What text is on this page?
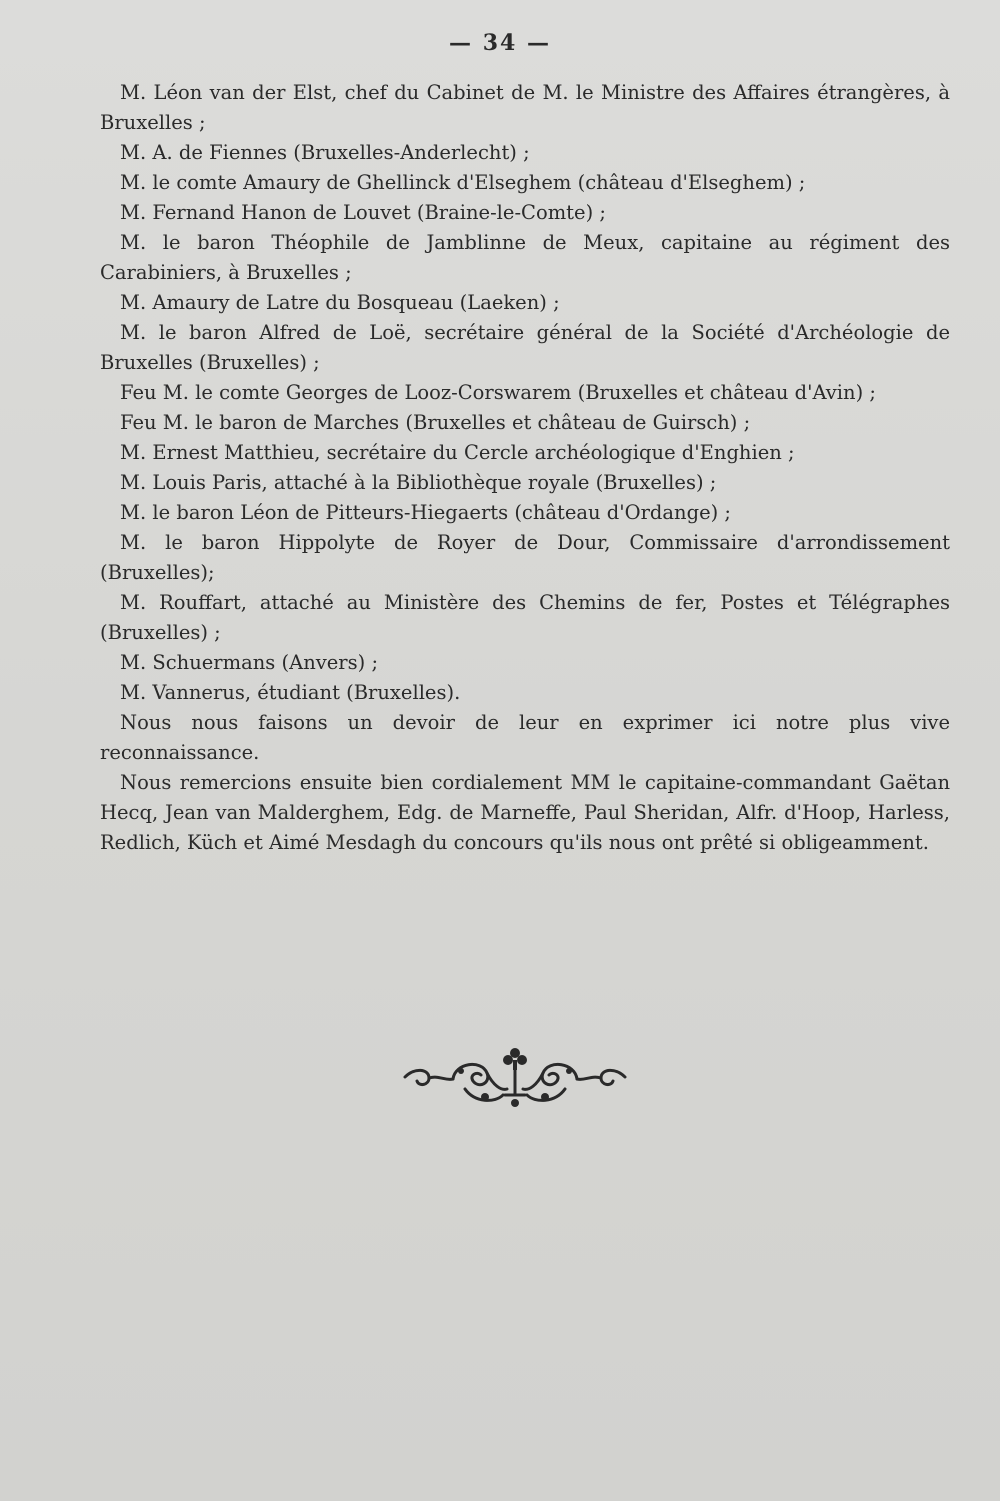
— 34 —

M. Léon van der Elst, chef du Cabinet de M. le Ministre des Affaires étrangères, à Bruxelles ;

M. A. de Fiennes (Bruxelles-Anderlecht) ;

M. le comte Amaury de Ghellinck d'Elseghem (château d'Elseghem) ;

M. Fernand Hanon de Louvet (Braine-le-Comte) ;

M. le baron Théophile de Jamblinne de Meux, capitaine au régiment des Carabiniers, à Bruxelles ;

M. Amaury de Latre du Bosqueau (Laeken) ;

M. le baron Alfred de Loë, secrétaire général de la Société d'Archéologie de Bruxelles (Bruxelles) ;

Feu M. le comte Georges de Looz-Corswarem (Bruxelles et château d'Avin) ;

Feu M. le baron de Marches (Bruxelles et château de Guirsch) ;

M. Ernest Matthieu, secrétaire du Cercle archéologique d'Enghien ;

M. Louis Paris, attaché à la Bibliothèque royale (Bruxelles) ;

M. le baron Léon de Pitteurs-Hiegaerts (château d'Ordange) ;

M. le baron Hippolyte de Royer de Dour, Commissaire d'arrondissement (Bruxelles);

M. Rouffart, attaché au Ministère des Chemins de fer, Postes et Télégraphes (Bruxelles) ;

M. Schuermans (Anvers) ;

M. Vannerus, étudiant (Bruxelles).

Nous nous faisons un devoir de leur en exprimer ici notre plus vive reconnaissance.

Nous remercions ensuite bien cordialement MM le capitaine-commandant Gaëtan Hecq, Jean van Malderghem, Edg. de Marneffe, Paul Sheridan, Alfr. d'Hoop, Harless, Redlich, Küch et Aimé Mesdagh du concours qu'ils nous ont prêté si obligeamment.
